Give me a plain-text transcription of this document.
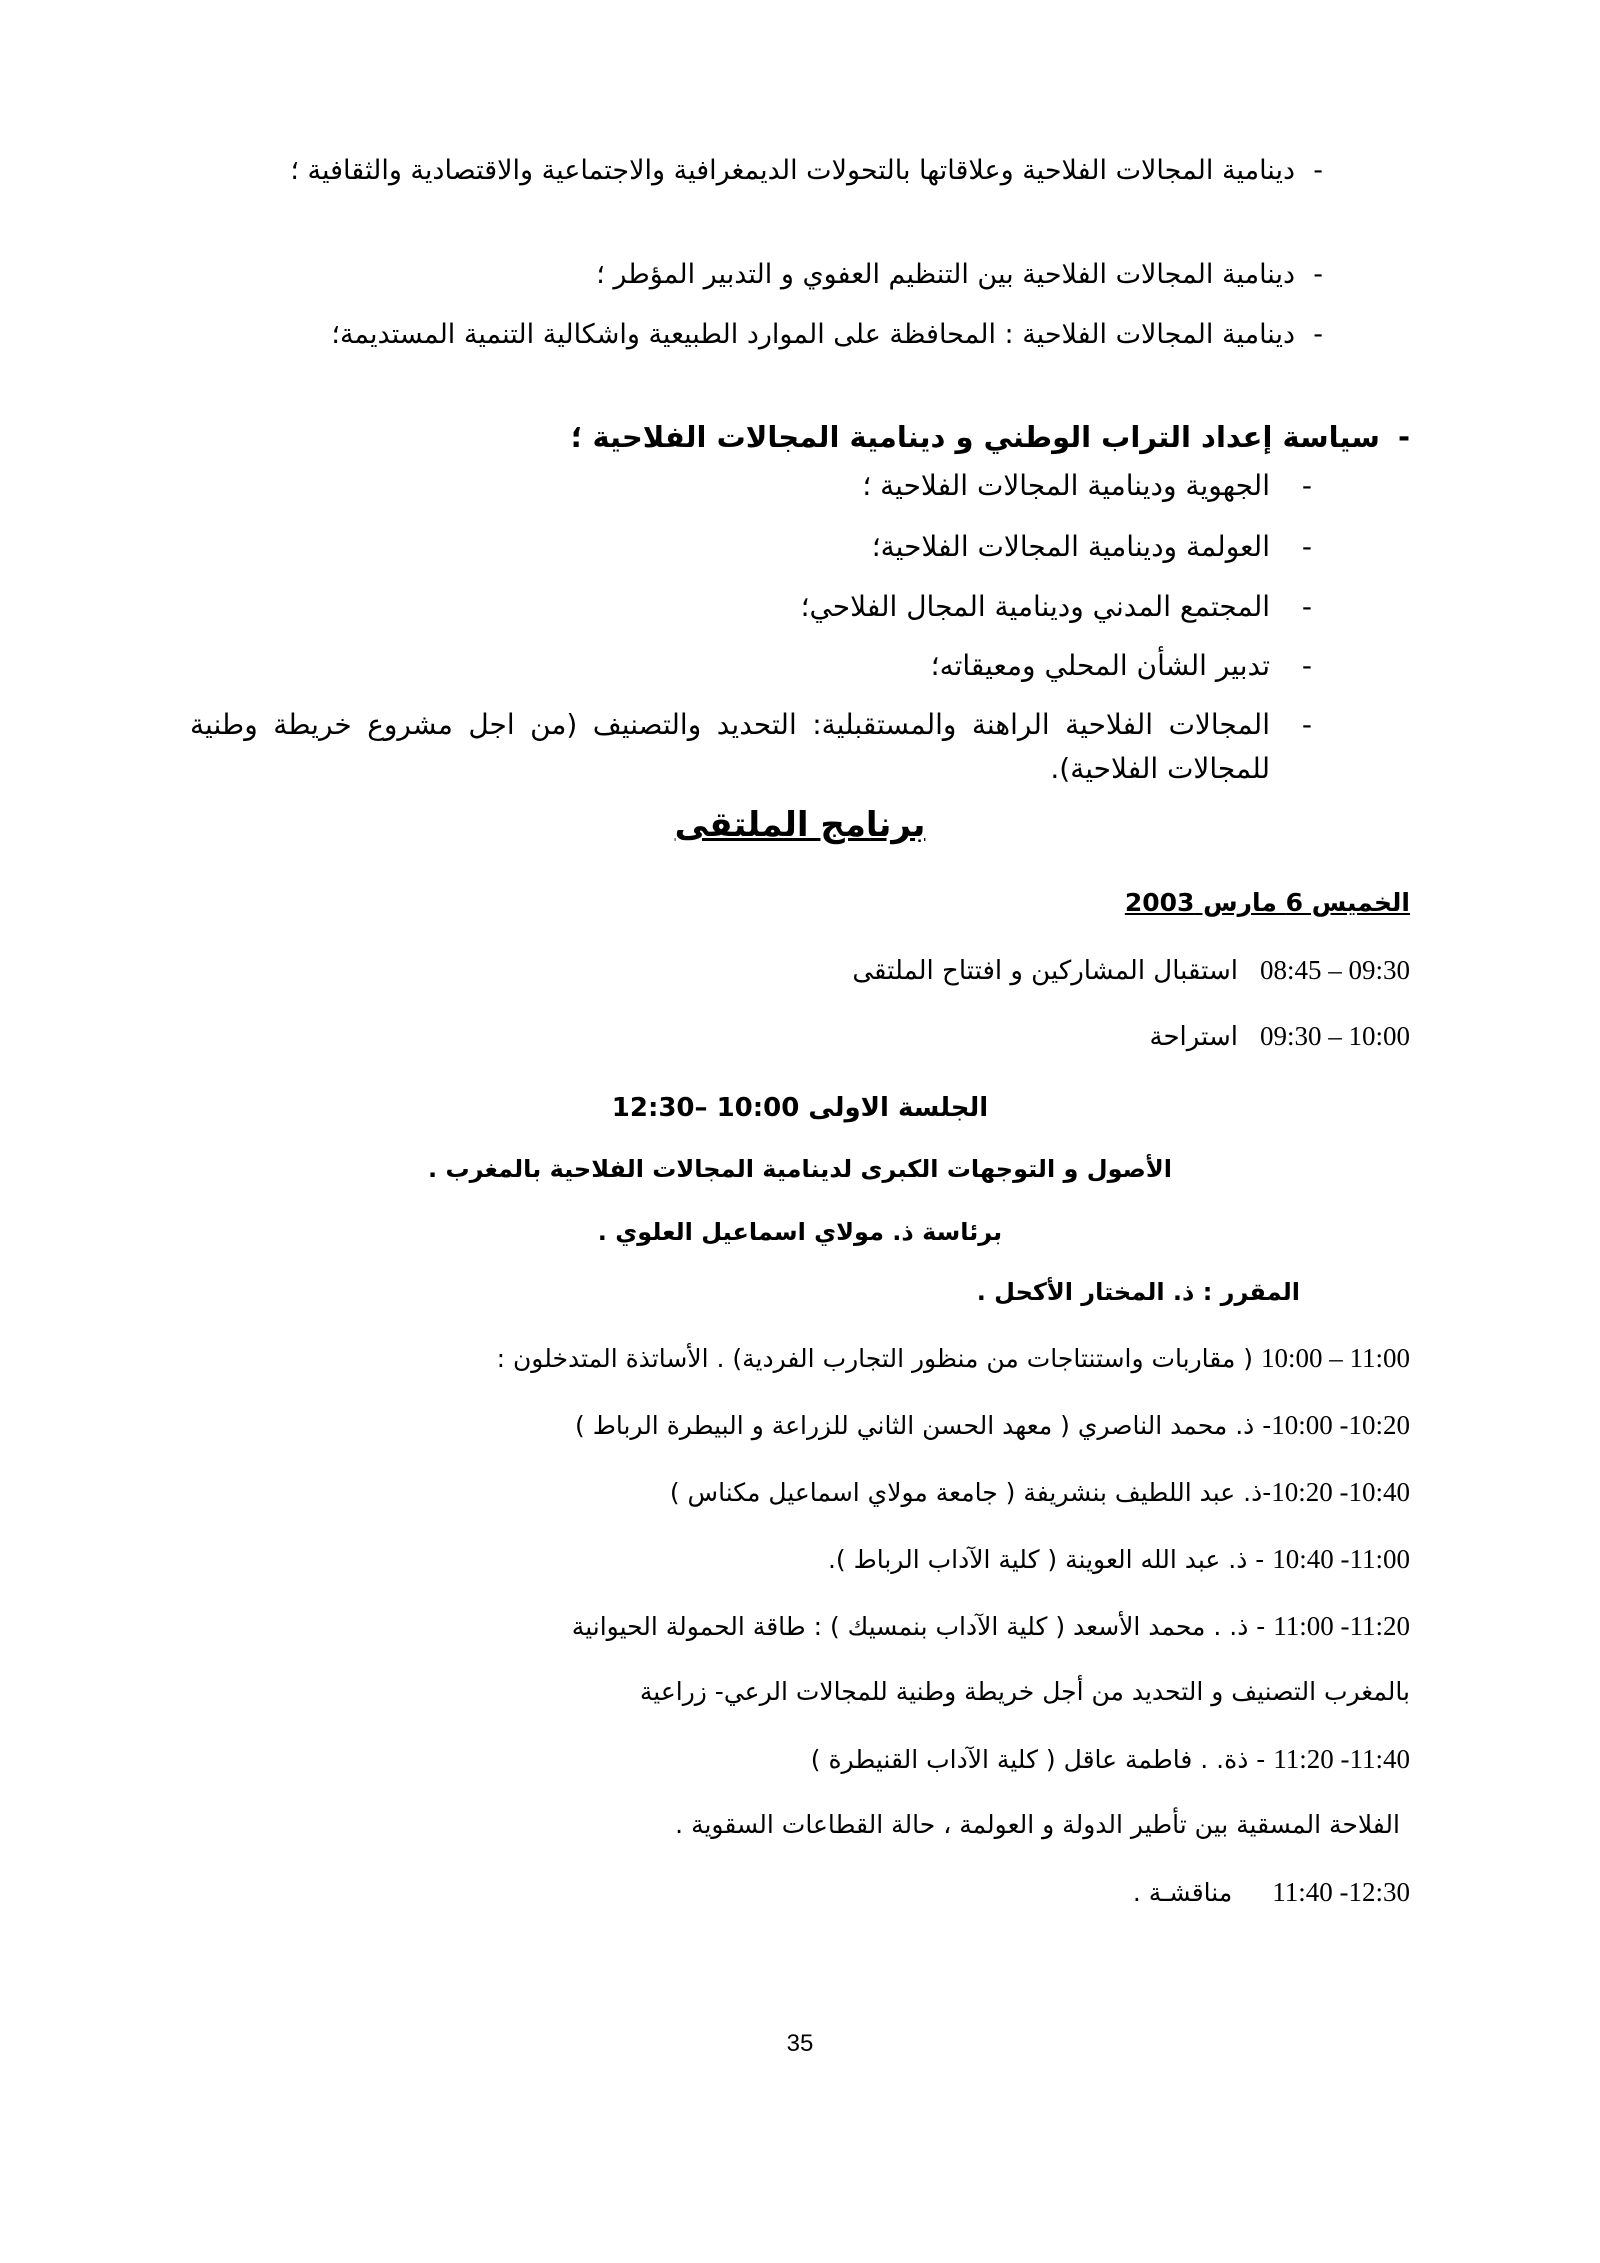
-
دينامية المجالات الفلاحية وعلاقاتها بالتحولات الديمغرافية والاجتماعية والاقتصادية والثقافية ؛
-
دينامية المجالات الفلاحية بين التنظيم العفوي و التدبير المؤطر ؛
-
دينامية المجالات الفلاحية : المحافظة على الموارد الطبيعية واشكالية التنمية المستديمة؛
- سياسة إعداد التراب الوطني و دينامية المجالات الفلاحية ؛
-
الجهوية ودينامية المجالات الفلاحية ؛
-
العولمة ودينامية المجالات الفلاحية؛
-
المجتمع المدني ودينامية المجال الفلاحي؛
-
تدبير الشأن المحلي ومعيقاته؛
-
المجالات الفلاحية الراهنة والمستقبلية: التحديد والتصنيف (من اجل مشروع خريطة وطنية للمجالات الفلاحية).
برنامج الملتقى
الخميس 6 مارس 2003
08:45 – 09:30استقبال المشاركين و افتتاح الملتقى
09:30 – 10:00استراحة
الجلسة الاولى 10:00 –12:30
الأصول و التوجهات الكبرى لدينامية المجالات الفلاحية بالمغرب .
برئاسة ذ. مولاي اسماعيل العلوي .
المقرر : ذ. المختار الأكحل .
10:00 – 11:00 ( مقاربات واستنتاجات من منظور التجارب الفردية) . الأساتذة المتدخلون :
10:00 -10:20- ذ. محمد الناصري ( معهد الحسن الثاني للزراعة و البيطرة الرباط )
10:20 -10:40-ذ. عبد اللطيف بنشريفة ( جامعة مولاي اسماعيل مكناس )
10:40 -11:00 - ذ. عبد الله العوينة ( كلية الآداب الرباط ).
11:00 -11:20 - ذ. . محمد الأسعد ( كلية الآداب بنمسيك ) : طاقة الحمولة الحيوانية
بالمغرب التصنيف و التحديد من أجل خريطة وطنية للمجالات الرعي- زراعية
11:20 -11:40 - ذة. . فاطمة عاقل ( كلية الآداب القنيطرة )
الفلاحة المسقية بين تأطير الدولة و العولمة ، حالة القطاعات السقوية .
11:40 -12:30مناقشـة .
35
